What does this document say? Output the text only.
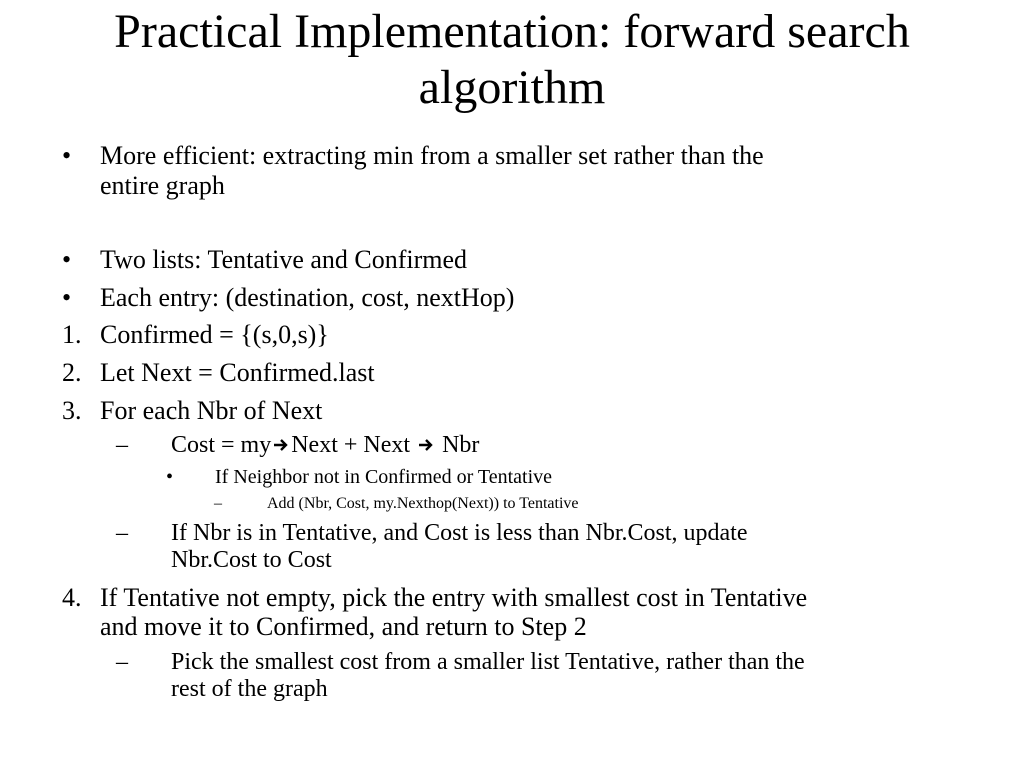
Practical Implementation: forward search
algorithm
• More efficient: extracting min from a smaller set rather than the
entire graph
• Two lists: Tentative and Confirmed
• Each entry: (destination, cost, nextHop)
1. Confirmed = {(s,0,s)}
2. Let Next = Confirmed.last
3. For each Nbr of Next
– Cost = my Next + Next Nbr
• If Neighbor not in Confirmed or Tentative
–	Add (Nbr, Cost, my.Nexthop(Next)) to Tentative
– If Nbr is in Tentative, and Cost is less than Nbr.Cost, update
Nbr.Cost to Cost
4. If Tentative not empty, pick the entry with smallest cost in Tentative
and move it to Confirmed, and return to Step 2
– Pick the smallest cost from a smaller list Tentative, rather than the
rest of the graph
